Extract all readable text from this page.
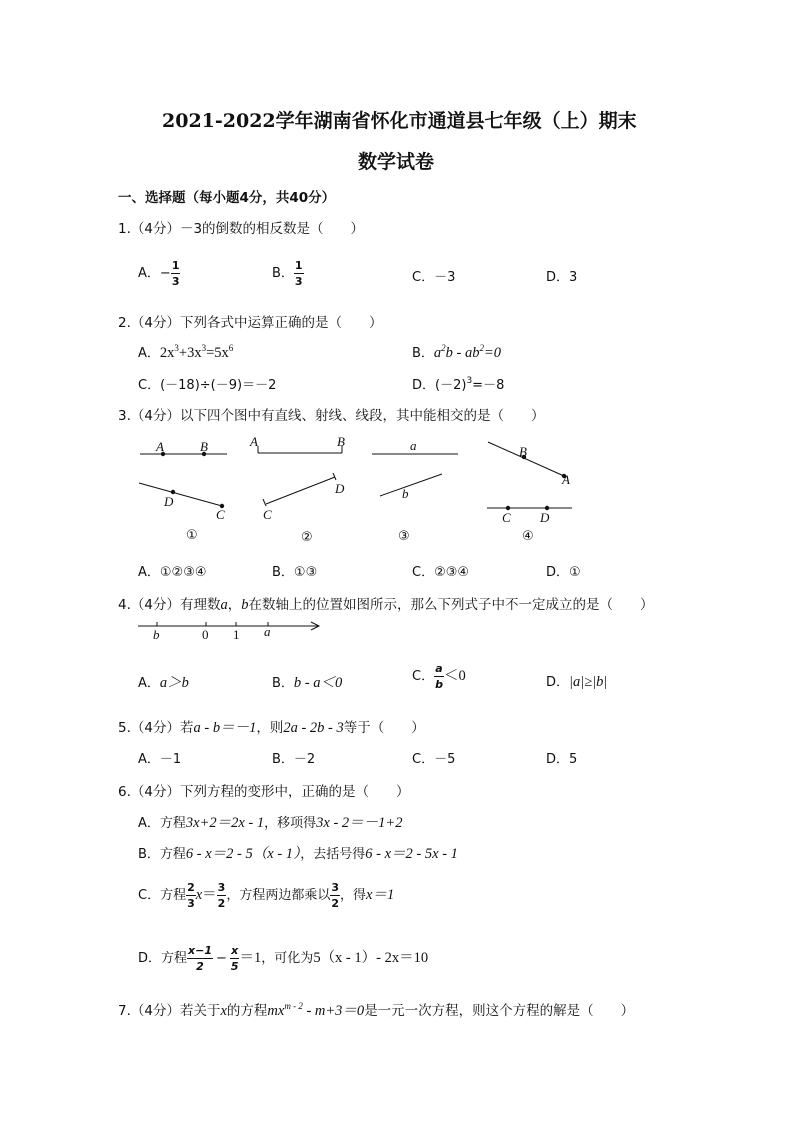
2021-2022学年湖南省怀化市通道县七年级（上）期末
数学试卷
一、选择题（每小题4分，共40分）
1.（4分）－3的倒数的相反数是（　　）
A．− $\frac{1}{3}$	B． $\frac{1}{3}$	C．－3	D．3
2.（4分）下列各式中运算正确的是（　　）
A．$2x^3+3x^3=5x^6$	B．$a^2b - ab^2=0$
C．(－18)÷(－9)＝－2	D．$(-2)^3=-8$
3.（4分）以下四个图中有直线、射线、线段，其中能相交的是（　　）
A	B
D
C
①
A	B
D
C
②
a
b
③
B
A
C D
④
A．①②③④	B．①③	C．②③④	D．①
4.（4分）有理数a，b在数轴上的位置如图所示，那么下列式子中不一定成立的是（　　）
b	0 1 a
A．a＞b	B．b - a＜0	C． $\frac{a}{b} <0$	D．|a|≥|b|
5.（4分）若a - b＝－1，则2a - 2b - 3等于（　　）
A．－1	B．－2	C．－5	D．5
6.（4分）下列方程的变形中，正确的是（　　）
A．方程3x+2＝2x - 1，移项得3x - 2＝－1+2
B．方程6 - x＝2 - 5（x - 1），去括号得6 - x＝2 - 5x - 1
C．方程 $\frac{2}{3} x= \frac{3}{2}$ ，方程两边都乘以 $\frac{3}{2}$ ，得x＝1
D．方程 $\frac{x-1}{2} - \frac{x}{5} =1$，可化为5（x - 1）- 2x＝10
7.（4分）若关于x的方程$mx^{m - 2} - m+3=0$是一元一次方程，则这个方程的解是（　　）
